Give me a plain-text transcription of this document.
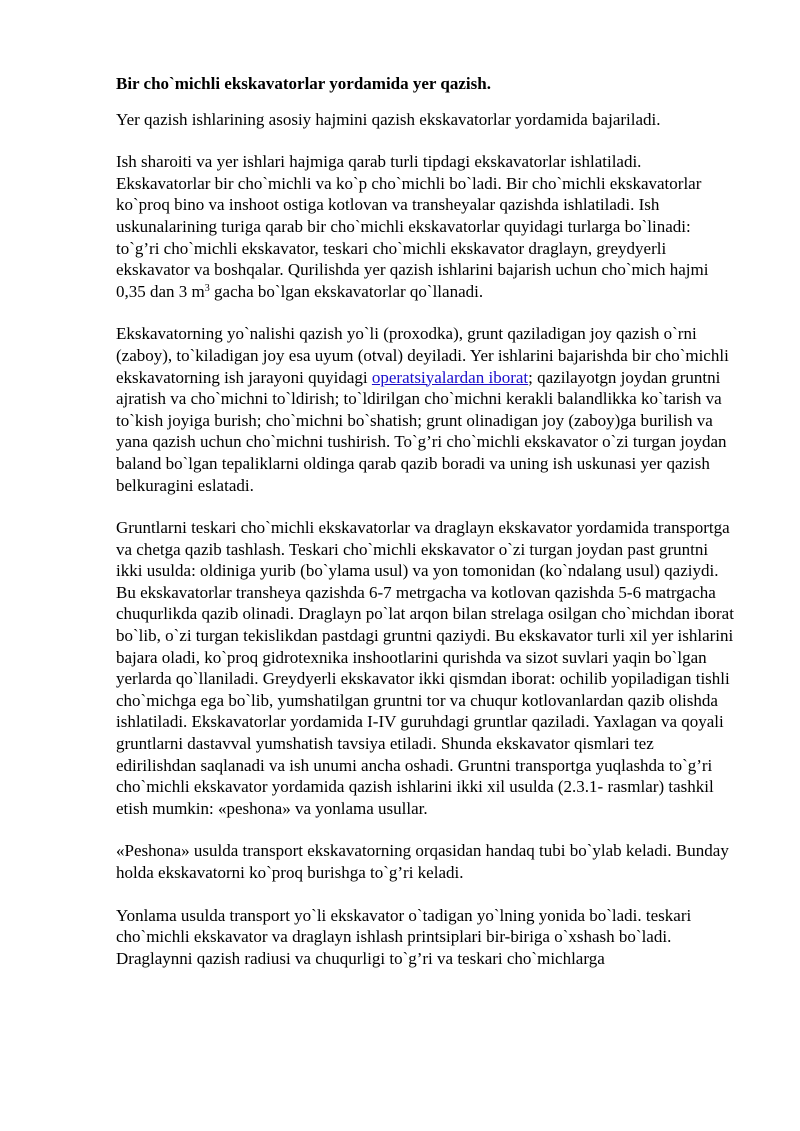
Bir cho`michli ekskavatorlar yordamida yer qazish.

Yer qazish ishlarining asosiy hajmini qazish ekskavatorlar yordamida bajariladi.

Ish sharoiti va yer ishlari hajmiga qarab turli tipdagi ekskavatorlar ishlatiladi. Ekskavatorlar bir cho`michli va ko`p cho`michli bo`ladi. Bir cho`michli ekskavatorlar ko`proq bino va inshoot ostiga kotlovan va transheyalar qazishda ishlatiladi. Ish uskunalarining turiga qarab bir cho`michli ekskavatorlar quyidagi turlarga bo`linadi: to`g’ri cho`michli ekskavator, teskari cho`michli ekskavator draglayn, greydyerli ekskavator va boshqalar. Qurilishda yer qazish ishlarini bajarish uchun cho`mich hajmi 0,35 dan 3 $m^3$ gacha bo`lgan ekskavatorlar qo`llanadi.

Ekskavatorning yo`nalishi qazish yo`li (proxodka), grunt qaziladigan joy qazish o`rni (zaboy), to`kiladigan joy esa uyum (otval) deyiladi. Yer ishlarini bajarishda bir cho`michli ekskavatorning ish jarayoni quyidagi operatsiyalardan iborat; qazilayotgn joydan gruntni ajratish va cho`michni to`ldirish; to`ldirilgan cho`michni kerakli balandlikka ko`tarish va to`kish joyiga burish; cho`michni bo`shatish; grunt olinadigan joy (zaboy)ga burilish va yana qazish uchun cho`michni tushirish. To`g’ri cho`michli ekskavator o`zi turgan joydan baland bo`lgan tepaliklarni oldinga qarab qazib boradi va uning ish uskunasi yer qazish belkuragini eslatadi.

Gruntlarni teskari cho`michli ekskavatorlar va draglayn ekskavator yordamida transportga va chetga qazib tashlash. Teskari cho`michli ekskavator o`zi turgan joydan past gruntni ikki usulda: oldiniga yurib (bo`ylama usul) va yon tomonidan (ko`ndalang usul) qaziydi. Bu ekskavatorlar transheya qazishda 6-7 metrgacha va kotlovan qazishda 5-6 matrgacha chuqurlikda qazib olinadi. Draglayn po`lat arqon bilan strelaga osilgan cho`michdan iborat bo`lib, o`zi turgan tekislikdan pastdagi gruntni qaziydi. Bu ekskavator turli xil yer ishlarini bajara oladi, ko`proq gidrotexnika inshootlarini qurishda va sizot suvlari yaqin bo`lgan yerlarda qo`llaniladi. Greydyerli ekskavator ikki qismdan iborat: ochilib yopiladigan tishli cho`michga ega bo`lib, yumshatilgan gruntni tor va chuqur kotlovanlardan qazib olishda ishlatiladi. Ekskavatorlar yordamida I-IV guruhdagi gruntlar qaziladi. Yaxlagan va qoyali gruntlarni dastavval yumshatish tavsiya etiladi. Shunda ekskavator qismlari tez edirilishdan saqlanadi va ish unumi ancha oshadi. Gruntni transportga yuqlashda to`g’ri cho`michli ekskavator yordamida qazish ishlarini ikki xil usulda (2.3.1- rasmlar) tashkil etish mumkin: «peshona» va yonlama usullar.

«Peshona» usulda transport ekskavatorning orqasidan handaq tubi bo`ylab keladi. Bunday holda ekskavatorni ko`proq burishga to`g’ri keladi.

Yonlama usulda transport yo`li ekskavator o`tadigan yo`lning yonida bo`ladi. teskari cho`michli ekskavator va draglayn ishlash printsiplari bir-biriga o`xshash bo`ladi. Draglaynni qazish radiusi va chuqurligi to`g’ri va teskari cho`michlarga
